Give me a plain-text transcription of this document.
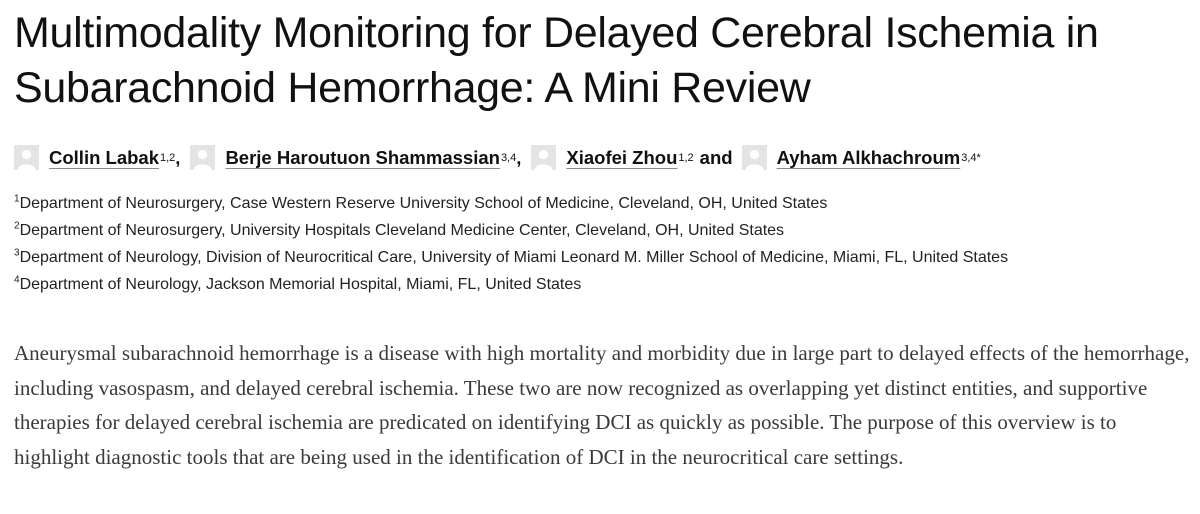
Multimodality Monitoring for Delayed Cerebral Ischemia in Subarachnoid Hemorrhage: A Mini Review
Collin Labak 1,2 , Berje Haroutuon Shammassian 3,4 , Xiaofei Zhou 1,2 and Ayham Alkhachroum 3,4*
$^1$Department of Neurosurgery, Case Western Reserve University School of Medicine, Cleveland, OH, United States
$^2$Department of Neurosurgery, University Hospitals Cleveland Medicine Center, Cleveland, OH, United States
$^3$Department of Neurology, Division of Neurocritical Care, University of Miami Leonard M. Miller School of Medicine, Miami, FL, United States
$^4$Department of Neurology, Jackson Memorial Hospital, Miami, FL, United States

Aneurysmal subarachnoid hemorrhage is a disease with high mortality and morbidity due in large part to delayed effects of the hemorrhage, including vasospasm, and delayed cerebral ischemia. These two are now recognized as overlapping yet distinct entities, and supportive therapies for delayed cerebral ischemia are predicated on identifying DCI as quickly as possible. The purpose of this overview is to highlight diagnostic tools that are being used in the identification of DCI in the neurocritical care settings.
